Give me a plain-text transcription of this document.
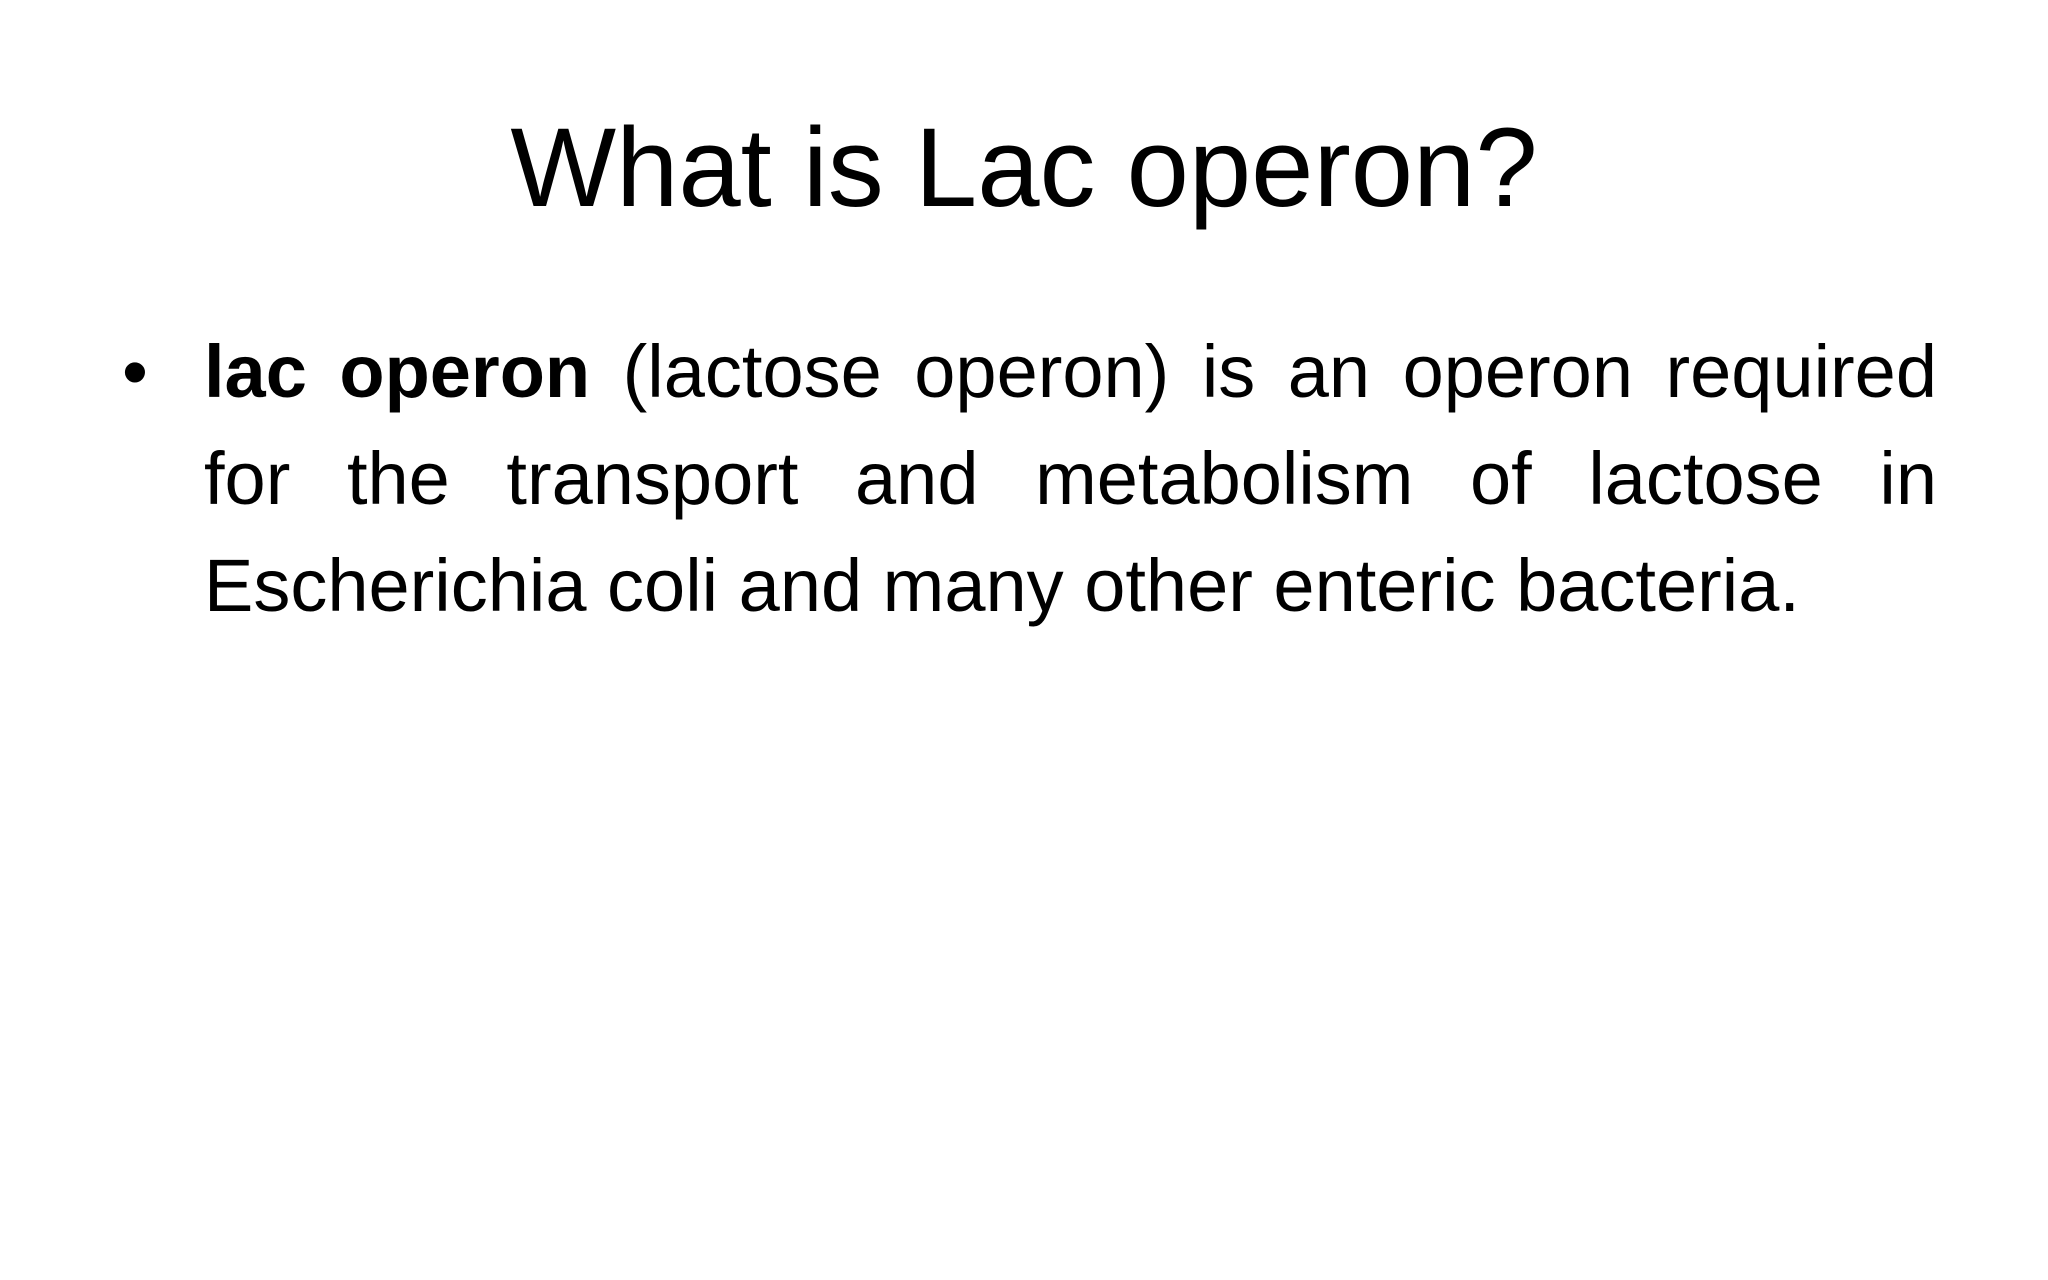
What is Lac operon?
• lac operon (lactose operon) is an operon required for the transport and metabolism of lactose in Escherichia coli and many other enteric bacteria.
